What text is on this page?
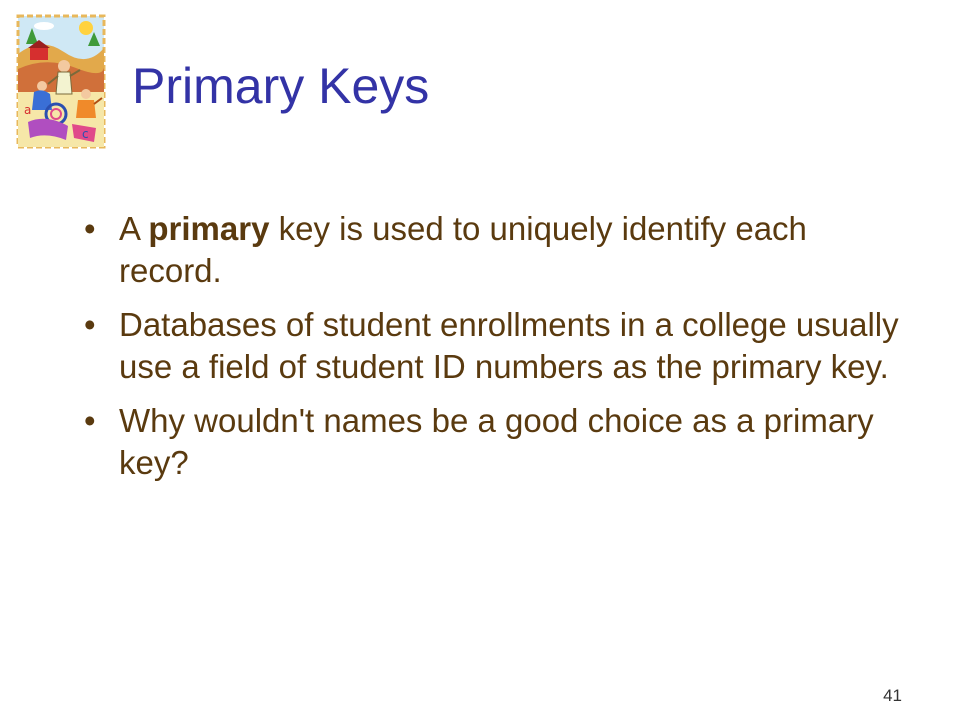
a
c
Primary Keys
• A primary key is used to uniquely identify each record.
• Databases of student enrollments in a college usually use a field of student ID numbers as the primary key.
• Why wouldn't names be a good choice as a primary key?
41
